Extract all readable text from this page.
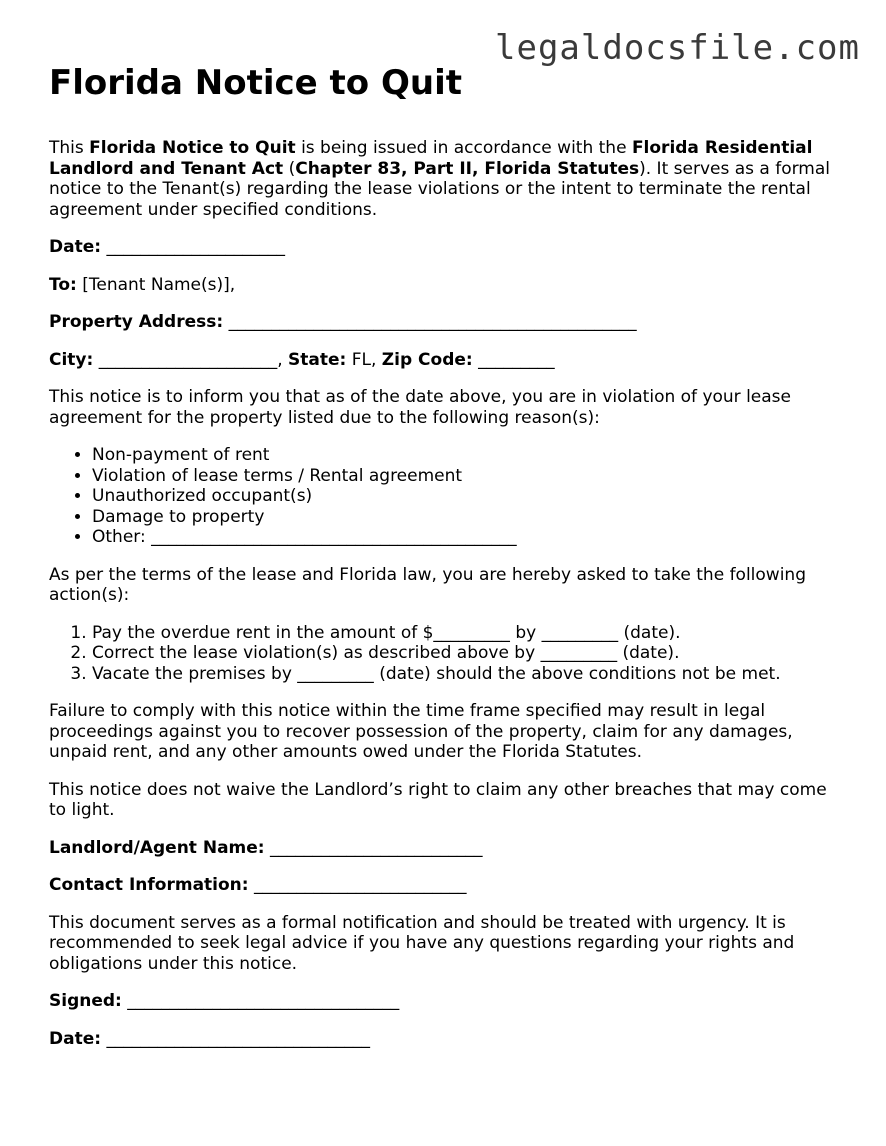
legaldocsfile.com
Florida Notice to Quit

This Florida Notice to Quit is being issued in accordance with the Florida Residential Landlord and Tenant Act (Chapter 83, Part II, Florida Statutes). It serves as a formal notice to the Tenant(s) regarding the lease violations or the intent to terminate the rental agreement under specified conditions.

Date: _____________________

To: [Tenant Name(s)],

Property Address: ________________________________________________

City: _____________________, State: FL, Zip Code: _________

This notice is to inform you that as of the date above, you are in violation of your lease agreement for the property listed due to the following reason(s):

• Non-payment of rent
• Violation of lease terms / Rental agreement
• Unauthorized occupant(s)
• Damage to property
• Other: ___________________________________________

As per the terms of the lease and Florida law, you are hereby asked to take the following action(s):

1. Pay the overdue rent in the amount of $_________ by _________ (date).
2. Correct the lease violation(s) as described above by _________ (date).
3. Vacate the premises by _________ (date) should the above conditions not be met.

Failure to comply with this notice within the time frame specified may result in legal proceedings against you to recover possession of the property, claim for any damages, unpaid rent, and any other amounts owed under the Florida Statutes.

This notice does not waive the Landlord’s right to claim any other breaches that may come to light.

Landlord/Agent Name: _________________________

Contact Information: _________________________

This document serves as a formal notification and should be treated with urgency. It is recommended to seek legal advice if you have any questions regarding your rights and obligations under this notice.

Signed: ________________________________

Date: _______________________________
